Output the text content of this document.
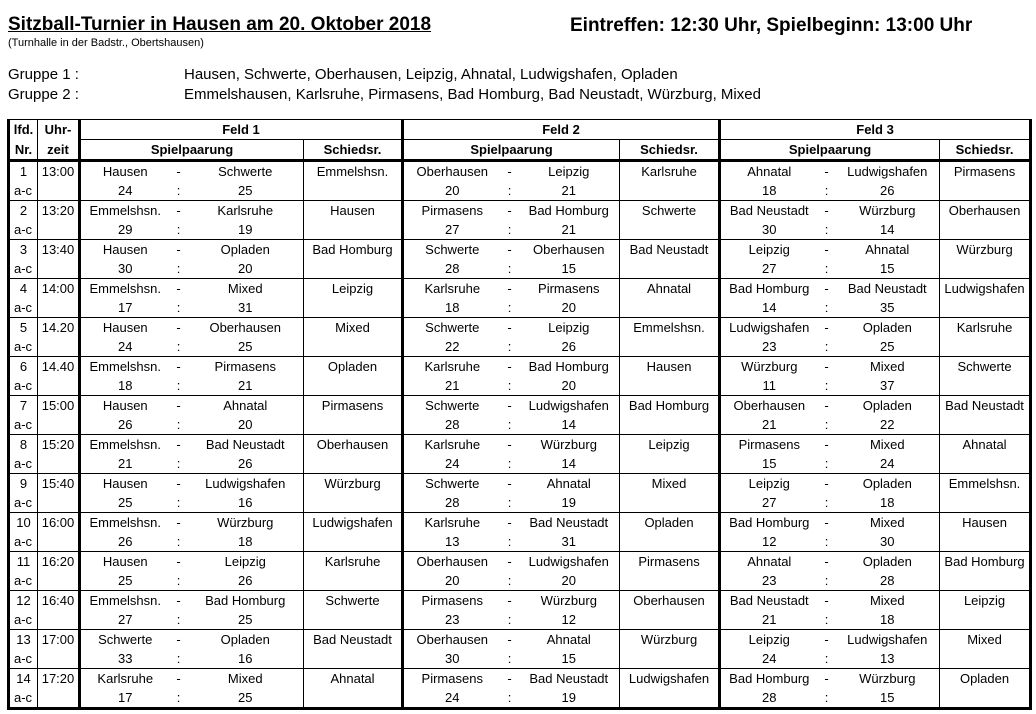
Sitzball-Turnier in Hausen am 20. Oktober 2018
(Turnhalle in der Badstr., Obertshausen)
Eintreffen: 12:30 Uhr, Spielbeginn: 13:00 Uhr
Gruppe 1 :	Hausen, Schwerte, Oberhausen, Leipzig, Ahnatal, Ludwigshafen, Opladen
Gruppe 2 :	Emmelshausen, Karlsruhe, Pirmasens, Bad Homburg, Bad Neustadt, Würzburg, Mixed
lfd.	Uhr-	Feld 1				Feld 2				Feld 3			
Nr.	zeit	Spielpaarung			Schiedsr.	Spielpaarung			Schiedsr.	Spielpaarung			Schiedsr.
1	13:00	Hausen	-	Schwerte	Emmelshsn.	Oberhausen	-	Leipzig	Karlsruhe	Ahnatal	-	Ludwigshafen	Pirmasens
a-c		24	:	25		20	:	21		18	:	26	
2	13:20	Emmelshsn.	-	Karlsruhe	Hausen	Pirmasens	-	Bad Homburg	Schwerte	Bad Neustadt	-	Würzburg	Oberhausen
a-c		29	:	19		27	:	21		30	:	14	
3	13:40	Hausen	-	Opladen	Bad Homburg	Schwerte	-	Oberhausen	Bad Neustadt	Leipzig	-	Ahnatal	Würzburg
a-c		30	:	20		28	:	15		27	:	15	
4	14:00	Emmelshsn.	-	Mixed	Leipzig	Karlsruhe	-	Pirmasens	Ahnatal	Bad Homburg	-	Bad Neustadt	Ludwigshafen
a-c		17	:	31		18	:	20		14	:	35	
5	14.20	Hausen	-	Oberhausen	Mixed	Schwerte	-	Leipzig	Emmelshsn.	Ludwigshafen	-	Opladen	Karlsruhe
a-c		24	:	25		22	:	26		23	:	25	
6	14.40	Emmelshsn.	-	Pirmasens	Opladen	Karlsruhe	-	Bad Homburg	Hausen	Würzburg	-	Mixed	Schwerte
a-c		18	:	21		21	:	20		11	:	37	
7	15:00	Hausen	-	Ahnatal	Pirmasens	Schwerte	-	Ludwigshafen	Bad Homburg	Oberhausen	-	Opladen	Bad Neustadt
a-c		26	:	20		28	:	14		21	:	22	
8	15:20	Emmelshsn.	-	Bad Neustadt	Oberhausen	Karlsruhe	-	Würzburg	Leipzig	Pirmasens	-	Mixed	Ahnatal
a-c		21	:	26		24	:	14		15	:	24	
9	15:40	Hausen	-	Ludwigshafen	Würzburg	Schwerte	-	Ahnatal	Mixed	Leipzig	-	Opladen	Emmelshsn.
a-c		25	:	16		28	:	19		27	:	18	
10	16:00	Emmelshsn.	-	Würzburg	Ludwigshafen	Karlsruhe	-	Bad Neustadt	Opladen	Bad Homburg	-	Mixed	Hausen
a-c		26	:	18		13	:	31		12	:	30	
11	16:20	Hausen	-	Leipzig	Karlsruhe	Oberhausen	-	Ludwigshafen	Pirmasens	Ahnatal	-	Opladen	Bad Homburg
a-c		25	:	26		20	:	20		23	:	28	
12	16:40	Emmelshsn.	-	Bad Homburg	Schwerte	Pirmasens	-	Würzburg	Oberhausen	Bad Neustadt	-	Mixed	Leipzig
a-c		27	:	25		23	:	12		21	:	18	
13	17:00	Schwerte	-	Opladen	Bad Neustadt	Oberhausen	-	Ahnatal	Würzburg	Leipzig	-	Ludwigshafen	Mixed
a-c		33	:	16		30	:	15		24	:	13	
14	17:20	Karlsruhe	-	Mixed	Ahnatal	Pirmasens	-	Bad Neustadt	Ludwigshafen	Bad Homburg	-	Würzburg	Opladen
a-c		17	:	25		24	:	19		28	:	15	
